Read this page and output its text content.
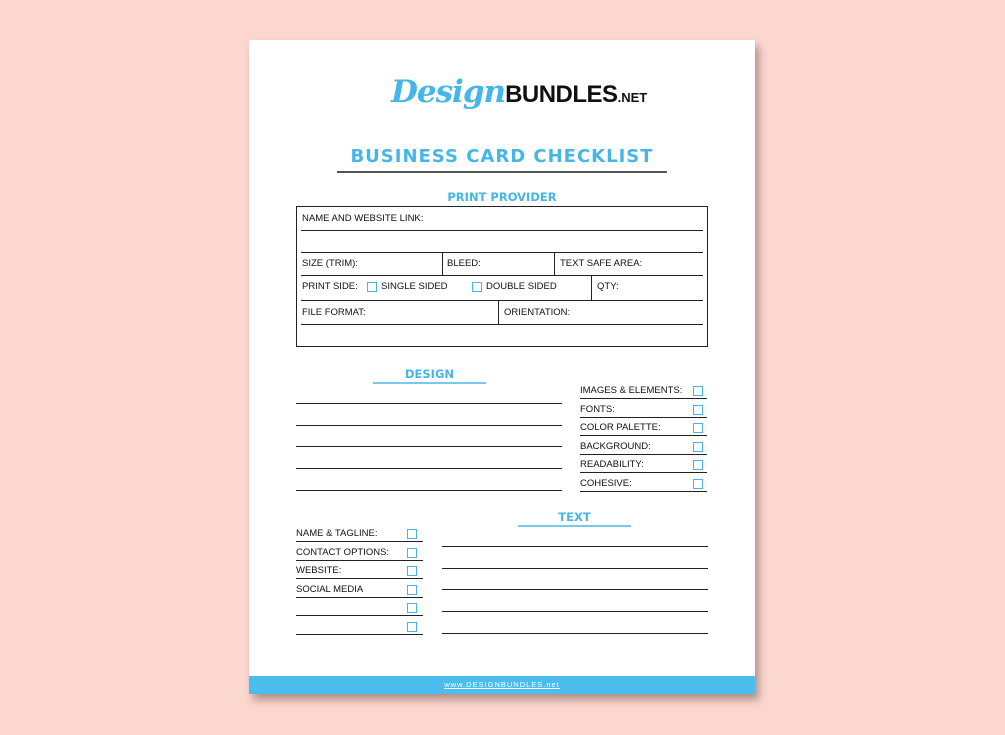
DesignBUNDLES.NET
BUSINESS CARD CHECKLIST
PRINT PROVIDER
NAME AND WEBSITE LINK:
SIZE (TRIM):	BLEED:	TEXT SAFE AREA:
PRINT SIDE: SINGLE SIDED	DOUBLE SIDED	QTY:
FILE FORMAT:	ORIENTATION:
DESIGN
IMAGES & ELEMENTS:
FONTS:
COLOR PALETTE:
BACKGROUND:
READABILITY:
COHESIVE:
TEXT
NAME & TAGLINE:
CONTACT OPTIONS:
WEBSITE:
SOCIAL MEDIA
www.DESIGNBUNDLES.net
